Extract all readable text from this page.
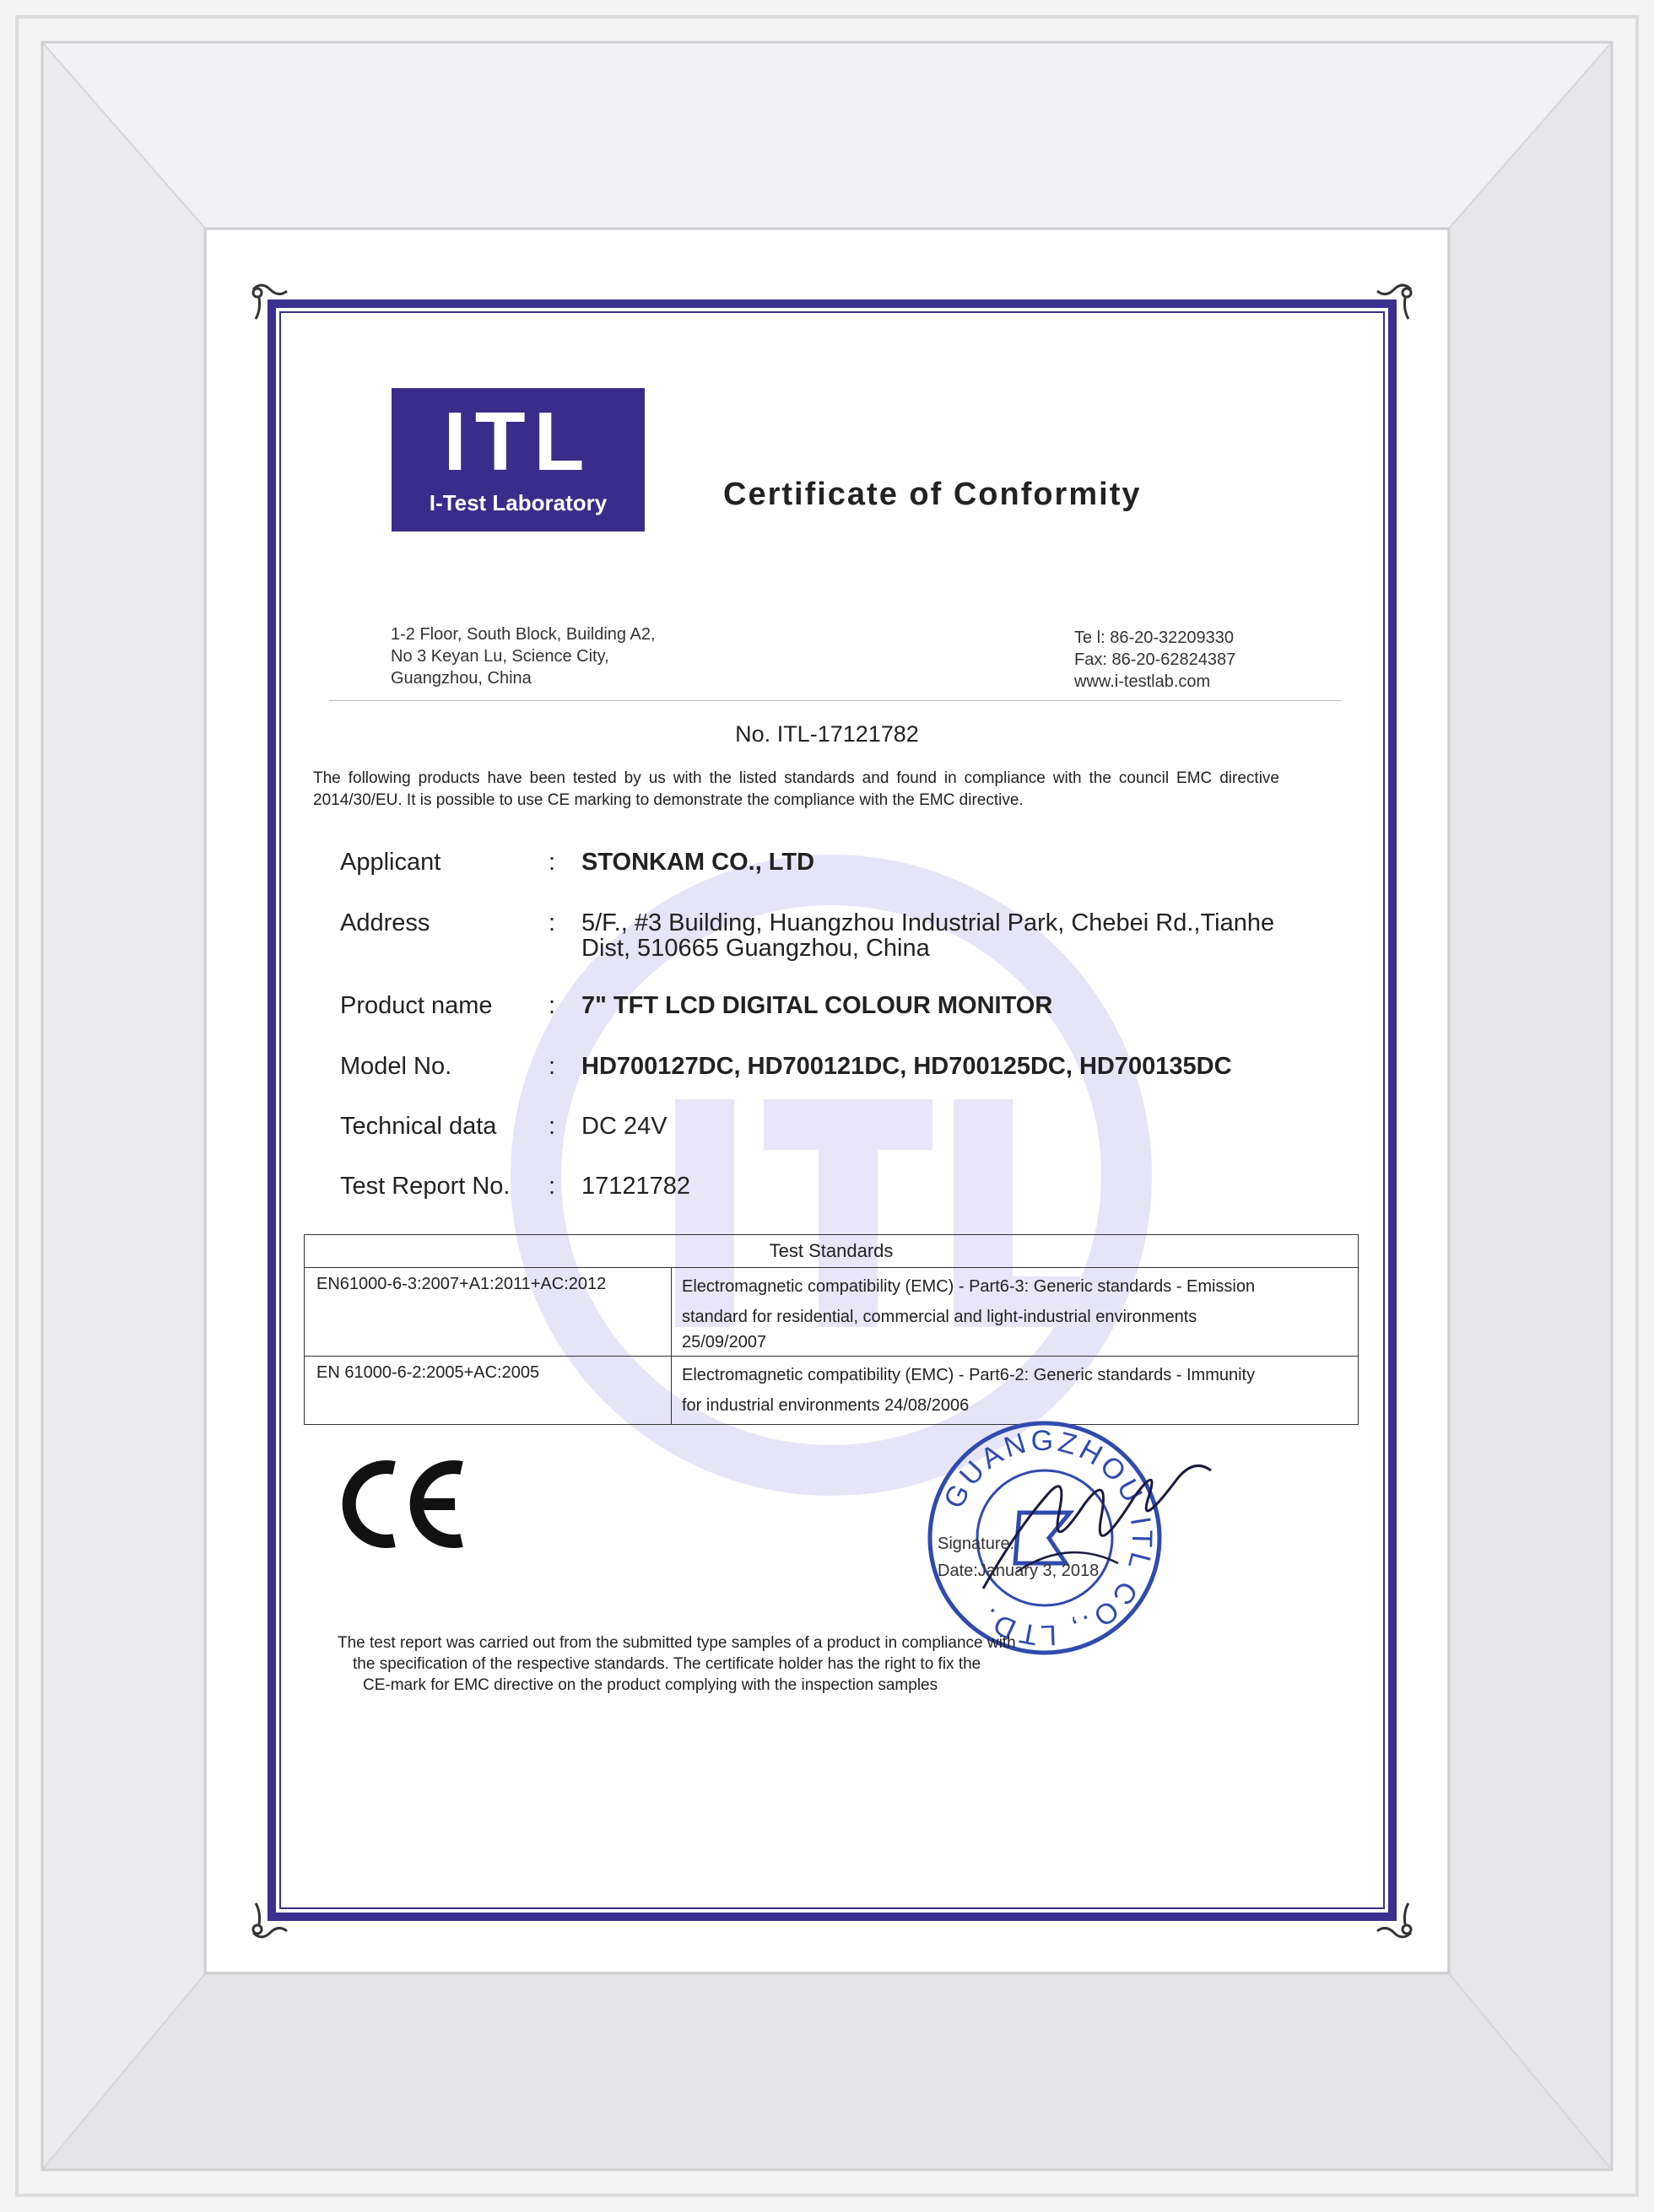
ITL
I-Test Laboratory	Certificate of Conformity
1-2 Floor, South Block, Building A2,
No 3 Keyan Lu, Science City,
Guangzhou, China
Te l: 86-20-32209330
Fax: 86-20-62824387
www.i-testlab.com
No. ITL-17121782
The following products have been tested by us with the listed standards and found in compliance with the council EMC directive 2014/30/EU. It is possible to use CE marking to demonstrate the compliance with the EMC directive.
Applicant	: STONKAM CO., LTD
Address	: 5/F., #3 Building, Huangzhou Industrial Park, Chebei Rd.,Tianhe
Dist, 510665 Guangzhou, China
Product name : 7" TFT LCD DIGITAL COLOUR MONITOR
Model No.	: HD700127DC, HD700121DC, HD700125DC, HD700135DC
Technical data : DC 24V
Test Report No. : 17121782
Test Standards	
EN61000-6-3:2007+A1:2011+AC:2012	Electromagnetic compatibility (EMC) - Part6-3: Generic standards - Emission
standard for residential, commercial and light-industrial environments
25/09/2007

EN 61000-6-2:2005+AC:2005	Electromagnetic compatibility (EMC) - Part6-2: Generic standards - Immunity
for industrial environments 24/08/2006
GUANGZHOU ITL CO., LTD.
Signature:
Date:January 3, 2018
The test report was carried out from the submitted type samples of a product in compliance with
the specification of the respective standards. The certificate holder has the right to fix the
CE-mark for EMC directive on the product complying with the inspection samples
